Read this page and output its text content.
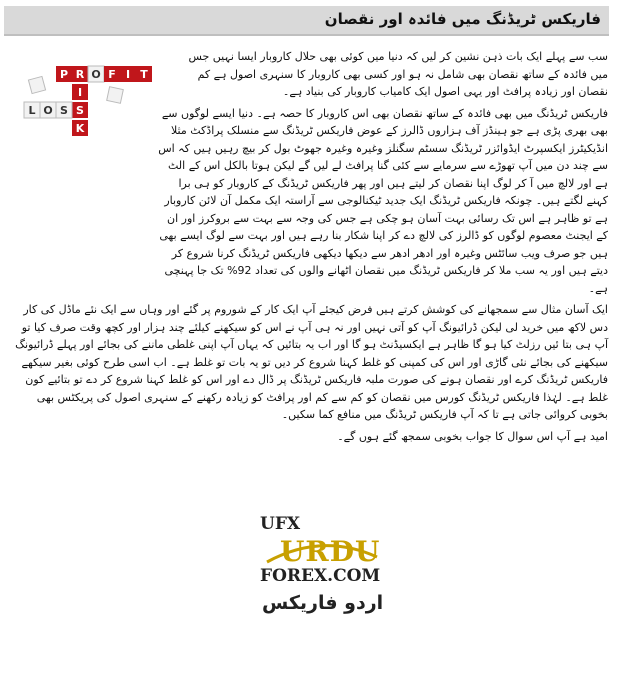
فاریکس ٹریڈنگ میں فائدہ اور نقصان
P R O F I T
I
S
K
L O S

سب سے پہلے ایک بات ذہن نشین کر لیں کہ دنیا میں کوئی بھی حلال کاروبار ایسا نہیں جس میں فائدہ کے ساتھ نقصان بھی شامل نہ ہو اور کسی بھی کاروبار کا سنہری اصول ہے کم نقصان اور زیادہ پرافٹ اور یہی اصول ایک کامیاب کاروبار کی بنیاد ہے۔

فاریکس ٹریڈنگ میں بھی فائدہ کے ساتھ نقصان بھی اس کاروبار کا حصہ ہے۔ دنیا ایسے لوگوں سے بھی بھری پڑی ہے جو ہینڈز آف ہزاروں ڈالرز کے عوض فاریکس ٹریڈنگ سے منسلک پراڈکٹ مثلا انڈیکیٹرز ایکسپرٹ ایڈوائزر ٹریڈنگ سسٹم سگنلز وغیرہ وغیرہ جھوٹ بول کر بیچ رہیں ہیں کہ اس سے چند دن میں آپ تھوڑے سے سرمایے سے کئی گنا پرافٹ لے لیں گے لیکن ہوتا بالکل اس کے الٹ ہے اور لالچ میں آ کر لوگ اپنا نقصان کر لیتے ہیں اور پھر فاریکس ٹریڈنگ کے کاروبار کو ہی برا کہنے لگتے ہیں۔ چونکہ فاریکس ٹریڈنگ ایک جدید ٹیکنالوجی سے آراستہ ایک مکمل آن لائن کاروبار ہے تو ظاہر ہے اس تک رسائی بہت آسان ہو چکی ہے جس کی وجہ سے بہت سے بروکرز اور ان کے ایجنٹ معصوم لوگوں کو ڈالرز کی لالچ دے کر اپنا شکار بنا رہے ہیں اور بہت سے لوگ ایسے بھی ہیں جو صرف ویب سائٹس وغیرہ اور ادھر ادھر سے دیکھا دیکھی فاریکس ٹریڈنگ کرنا شروع کر دیتے ہیں اور یہ سب ملا کر فاریکس ٹریڈنگ میں نقصان اٹھانے والوں کی تعداد 92% تک جا پہنچی ہے۔

ایک آسان مثال سے سمجھانے کی کوشش کرتے ہیں فرض کیجئے آپ ایک کار کے شوروم پر گئے اور وہاں سے ایک نئے ماڈل کی کار دس لاکھ میں خرید لی لیکن ڈرائیونگ آپ کو آتی نہیں اور نہ ہی آپ نے اس کو سیکھنے کیلئے چند ہزار اور کچھ وقت صرف کیا تو آپ ہی بتا ئیں رزلٹ کیا ہو گا ظاہر ہے ایکسیڈنٹ ہو گا اور اب یہ بتائیں کہ یہاں آپ اپنی غلطی ماننے کی بجائے اور پہلے ڈرائیونگ سیکھنے کی بجائے نئی گاڑی اور اس کی کمپنی کو غلط کہنا شروع کر دیں تو یہ بات تو غلط ہے۔ اب اسی طرح کوئی بغیر سیکھے فاریکس ٹریڈنگ کرے اور نقصان ہونے کی صورت ملبہ فاریکس ٹریڈنگ پر ڈال دے اور اس کو غلط کہنا شروع کر دے تو بتائیے کون غلط ہے۔ لہٰذا فاریکس ٹریڈنگ کورس میں نقصان کو کم سے کم اور پرافٹ کو زیادہ رکھنے کے سنہری اصول کی پریکٹس بھی بخوبی کروائی جاتی ہے تا کہ آپ فاریکس ٹریڈنگ میں منافع کما سکیں۔

امید ہے آپ اس سوال کا جواب بخوبی سمجھ گئے ہوں گے۔

UFX
URDU
FOREX.COM
اردو فاریکس
